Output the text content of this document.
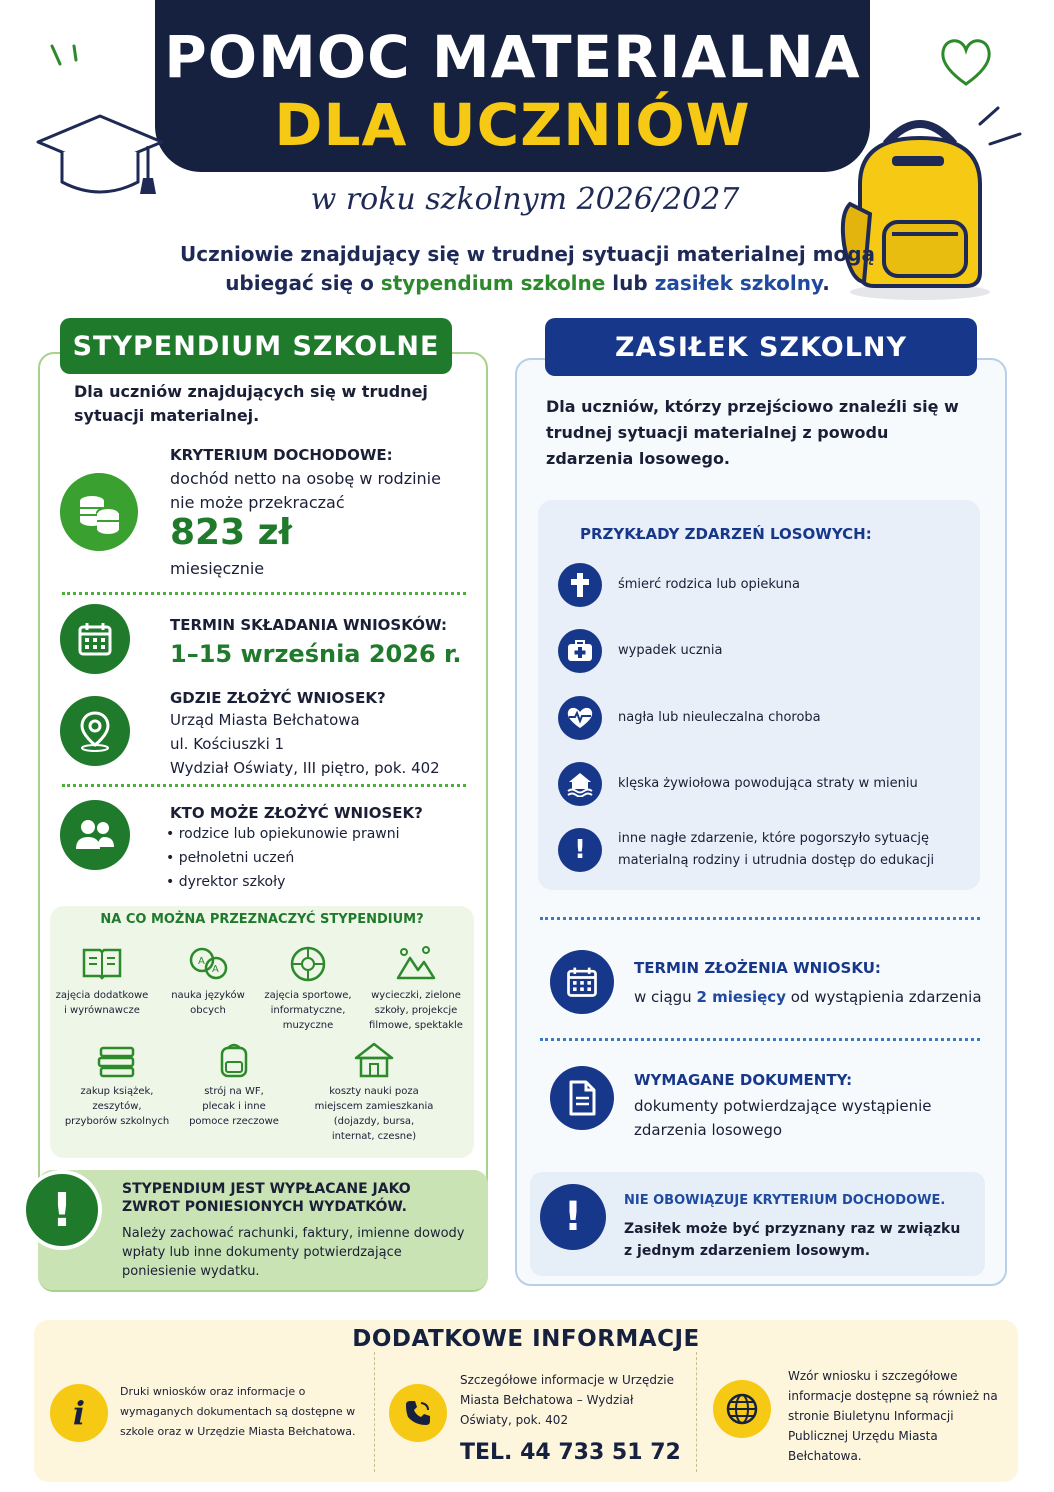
POMOC MATERIALNA
DLA UCZNIÓW
w roku szkolnym 2026/2027
Uczniowie znajdujący się w trudnej sytuacji materialnej mogą
ubiegać się o stypendium szkolne lub zasiłek szkolny.
STYPENDIUM SZKOLNE
Dla uczniów znajdujących się w trudnej sytuacji materialnej.
KRYTERIUM DOCHODOWE:
dochód netto na osobę w rodzinie
nie może przekraczać
823 zł
miesięcznie
TERMIN SKŁADANIA WNIOSKÓW:
1–15 września 2026 r.
GDZIE ZŁOŻYĆ WNIOSEK?
Urząd Miasta Bełchatowa
ul. Kościuszki 1
Wydział Oświaty, III piętro, pok. 402
KTO MOŻE ZŁOŻYĆ WNIOSEK?
• rodzice lub opiekunowie prawni
• pełnoletni uczeń
• dyrektor szkoły
NA CO MOŻNA PRZEZNACZYĆ STYPENDIUM?
zajęcia dodatkowe
i wyrównawcze
A
A
nauka języków
obcych
zajęcia sportowe,
informatyczne,
muzyczne
wycieczki, zielone
szkoły, projekcje
filmowe, spektakle
zakup książek,
zeszytów,
przyborów szkolnych
strój na WF,
plecak i inne
pomoce rzeczowe
koszty nauki poza
miejscem zamieszkania
(dojazdy, bursa,
internat, czesne)
!	STYPENDIUM JEST WYPŁACANE JAKO ZWROT PONIESIONYCH WYDATKÓW.
Należy zachować rachunki, faktury, imienne dowody wpłaty lub inne dokumenty potwierdzające poniesienie wydatku.
ZASIŁEK SZKOLNY
Dla uczniów, którzy przejściowo znaleźli się w trudnej sytuacji materialnej z powodu zdarzenia losowego.
PRZYKŁADY ZDARZEŃ LOSOWYCH:
śmierć rodzica lub opiekuna
wypadek ucznia
nagła lub nieuleczalna choroba
klęska żywiołowa powodująca straty w mieniu
!	inne nagłe zdarzenie, które pogorszyło sytuację materialną rodziny i utrudnia dostęp do edukacji
TERMIN ZŁOŻENIA WNIOSKU:
w ciągu 2 miesięcy od wystąpienia zdarzenia
WYMAGANE DOKUMENTY:
dokumenty potwierdzające wystąpienie zdarzenia losowego
!	NIE OBOWIĄZUJE KRYTERIUM DOCHODOWE.
Zasiłek może być przyznany raz w związku z jednym zdarzeniem losowym.
DODATKOWE INFORMACJE
i
Druki wniosków oraz informacje o wymaganych dokumentach są dostępne w szkole oraz w Urzędzie Miasta Bełchatowa.
Szczegółowe informacje w Urzędzie Miasta Bełchatowa – Wydział Oświaty, pok. 402
TEL. 44 733 51 72
Wzór wniosku i szczegółowe informacje dostępne są również na stronie Biuletynu Informacji Publicznej Urzędu Miasta Bełchatowa.
